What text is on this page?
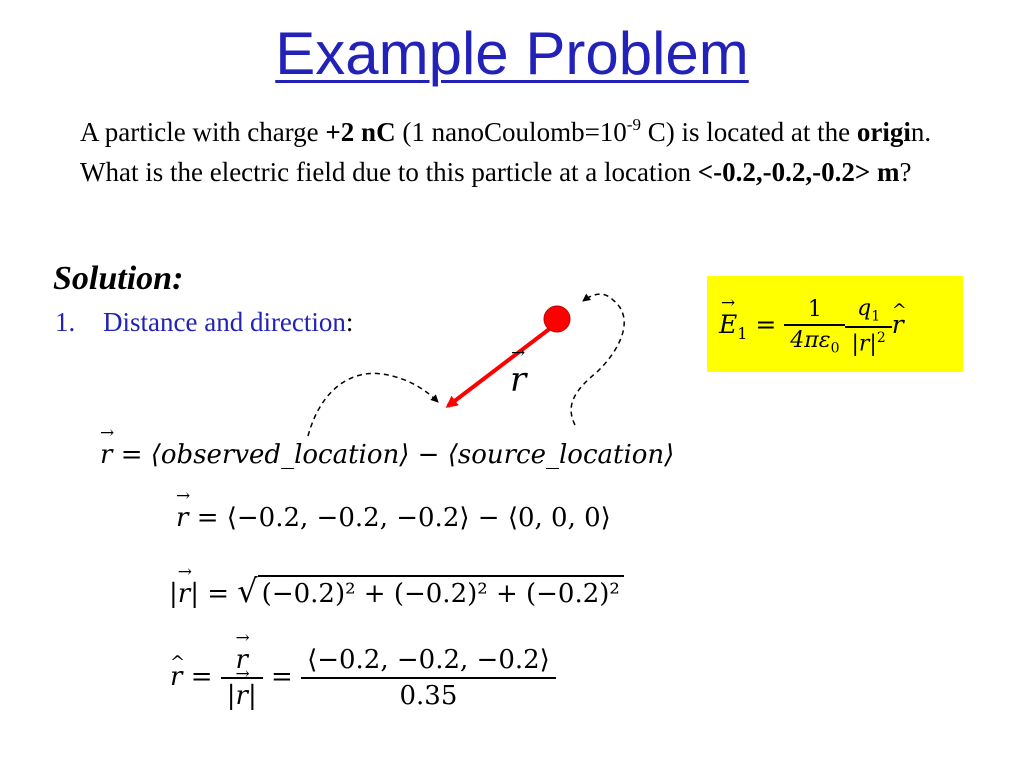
Example Problem
A particle with charge +2 nC (1 $nanoCoulomb=10^{-9}$ C) is located at the origin. What is the electric field due to this particle at a location <-0.2,-0.2,-0.2> m?
Solution:
1. Distance and direction:	→ $E_1 = \frac{1}{4\pi\varepsilon_0} \frac{q_1}{|r|^2}$ ^ r
→ r
→ r = ⟨observed_location⟩ − ⟨source_location⟩
→ r = ⟨−0.2, −0.2, −0.2⟩ − ⟨0, 0, 0⟩
|→ r| = √ (−0.2)² + (−0.2)² + (−0.2)²
^ r = → $\frac{r}{|\to r|} = \frac{⟨-0.2, -0.2, -0.2⟩}{0.35}$
